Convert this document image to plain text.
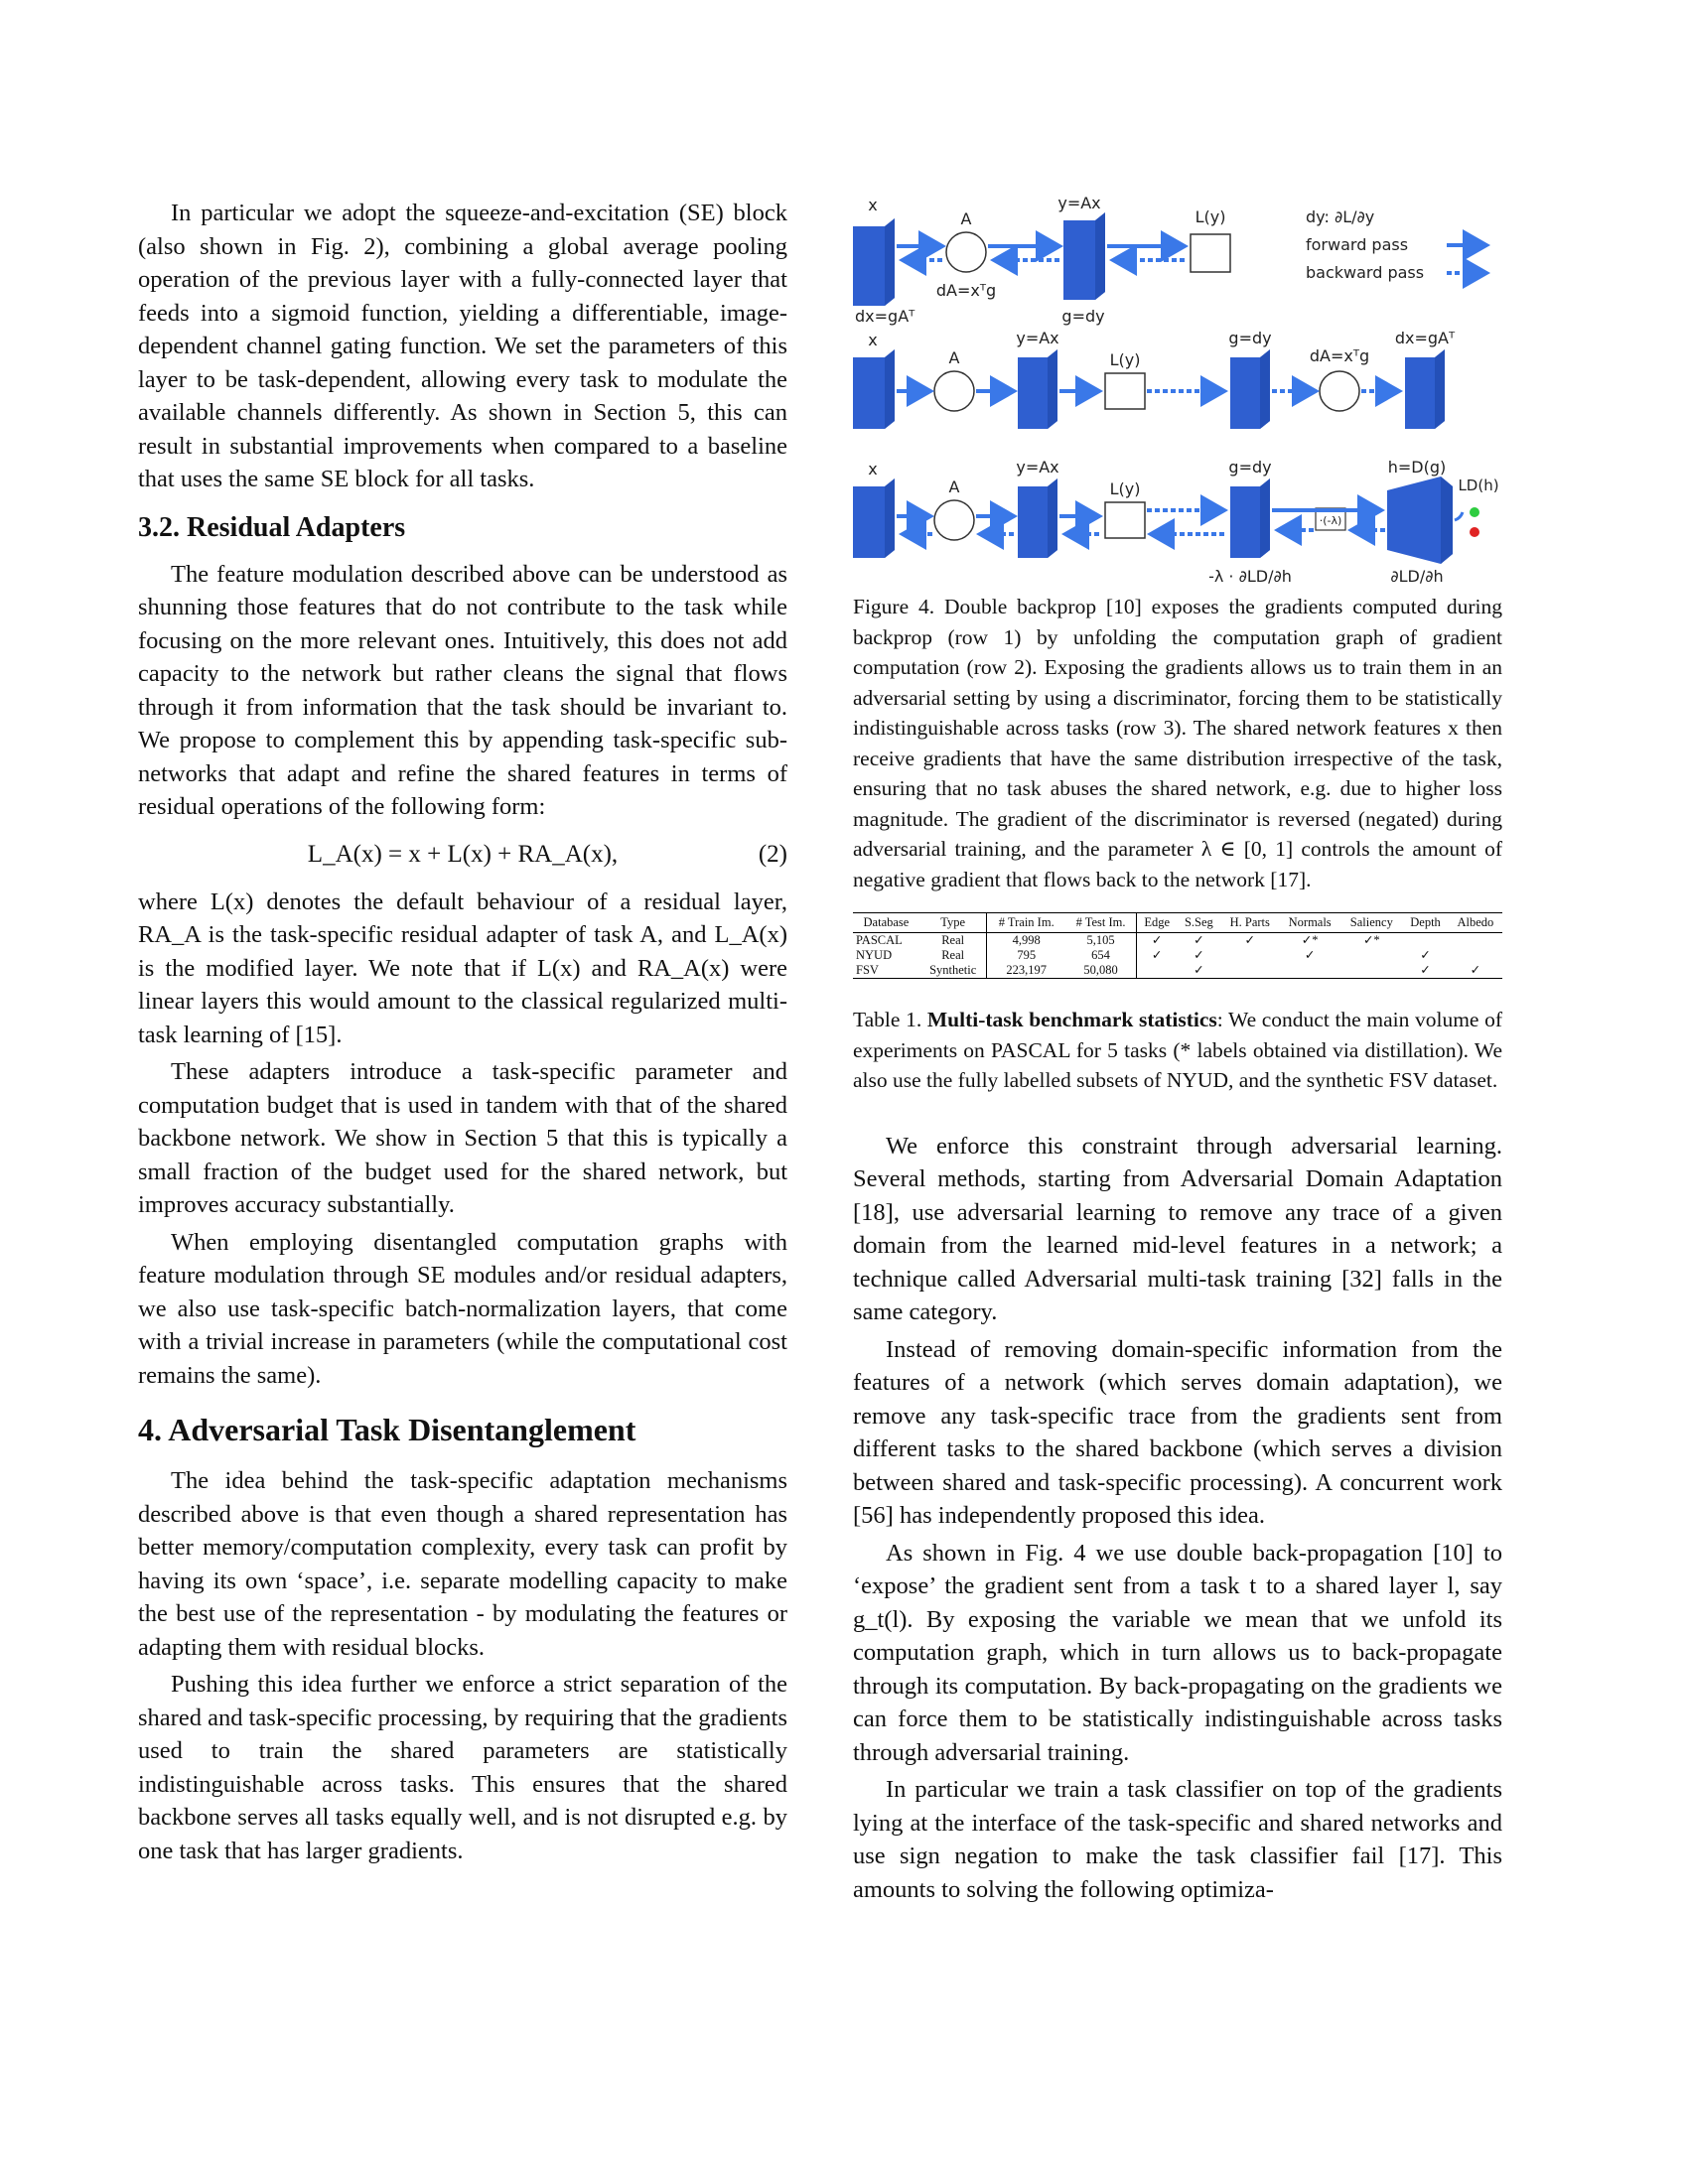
In particular we adopt the squeeze-and-excitation (SE) block (also shown in Fig. 2), combining a global average pooling operation of the previous layer with a fully-connected layer that feeds into a sigmoid function, yielding a differentiable, image-dependent channel gating function. We set the parameters of this layer to be task-dependent, allowing every task to modulate the available channels differently. As shown in Section 5, this can result in substantial improvements when compared to a baseline that uses the same SE block for all tasks.

3.2. Residual Adapters

The feature modulation described above can be understood as shunning those features that do not contribute to the task while focusing on the more relevant ones. Intuitively, this does not add capacity to the network but rather cleans the signal that flows through it from information that the task should be invariant to. We propose to complement this by appending task-specific sub-networks that adapt and refine the shared features in terms of residual operations of the following form:

L_A(x) = x + L(x) + RA_A(x),	(2)

where L(x) denotes the default behaviour of a residual layer, RA_A is the task-specific residual adapter of task A, and L_A(x) is the modified layer. We note that if L(x) and RA_A(x) were linear layers this would amount to the classical regularized multi-task learning of [15].

These adapters introduce a task-specific parameter and computation budget that is used in tandem with that of the shared backbone network. We show in Section 5 that this is typically a small fraction of the budget used for the shared network, but improves accuracy substantially.

When employing disentangled computation graphs with feature modulation through SE modules and/or residual adapters, we also use task-specific batch-normalization layers, that come with a trivial increase in parameters (while the computational cost remains the same).

4. Adversarial Task Disentanglement

The idea behind the task-specific adaptation mechanisms described above is that even though a shared representation has better memory/computation complexity, every task can profit by having its own ‘space’, i.e. separate modelling capacity to make the best use of the representation - by modulating the features or adapting them with residual blocks.

Pushing this idea further we enforce a strict separation of the shared and task-specific processing, by requiring that the gradients used to train the shared parameters are statistically indistinguishable across tasks. This ensures that the shared backbone serves all tasks equally well, and is not disrupted e.g. by one task that has larger gradients.

x
A
y=Ax
L(y)
dx=gAᵀ
dA=xᵀg
g=dy
dy: ∂L/∂y
forward pass
backward pass
x
A
y=Ax
L(y)
g=dy
dA=xᵀg
dx=gAᵀ
·(-λ)
x
A
y=Ax
L(y)
g=dy	h=D(g)
LD(h)
-λ · ∂LD/∂h	∂LD/∂h

Figure 4. Double backprop [10] exposes the gradients computed during backprop (row 1) by unfolding the computation graph of gradient computation (row 2). Exposing the gradients allows us to train them in an adversarial setting by using a discriminator, forcing them to be statistically indistinguishable across tasks (row 3). The shared network features x then receive gradients that have the same distribution irrespective of the task, ensuring that no task abuses the shared network, e.g. due to higher loss magnitude. The gradient of the discriminator is reversed (negated) during adversarial training, and the parameter λ ∈ [0, 1] controls the amount of negative gradient that flows back to the network [17].

Database	Type	# Train Im.	# Test Im.	Edge	S.Seg	H. Parts	Normals	Saliency	Depth	Albedo
PASCAL	Real	4,998	5,105	✓	✓	✓	✓*	✓*		
NYUD	Real	795	654	✓	✓		✓		✓	
FSV	Synthetic	223,197	50,080		✓				✓	✓

Table 1. Multi-task benchmark statistics: We conduct the main volume of experiments on PASCAL for 5 tasks (* labels obtained via distillation). We also use the fully labelled subsets of NYUD, and the synthetic FSV dataset.

We enforce this constraint through adversarial learning. Several methods, starting from Adversarial Domain Adaptation [18], use adversarial learning to remove any trace of a given domain from the learned mid-level features in a network; a technique called Adversarial multi-task training [32] falls in the same category.

Instead of removing domain-specific information from the features of a network (which serves domain adaptation), we remove any task-specific trace from the gradients sent from different tasks to the shared backbone (which serves a division between shared and task-specific processing). A concurrent work [56] has independently proposed this idea.

As shown in Fig. 4 we use double back-propagation [10] to ‘expose’ the gradient sent from a task t to a shared layer l, say g_t(l). By exposing the variable we mean that we unfold its computation graph, which in turn allows us to back-propagate through its computation. By back-propagating on the gradients we can force them to be statistically indistinguishable across tasks through adversarial training.

In particular we train a task classifier on top of the gradients lying at the interface of the task-specific and shared networks and use sign negation to make the task classifier fail [17]. This amounts to solving the following optimiza-
